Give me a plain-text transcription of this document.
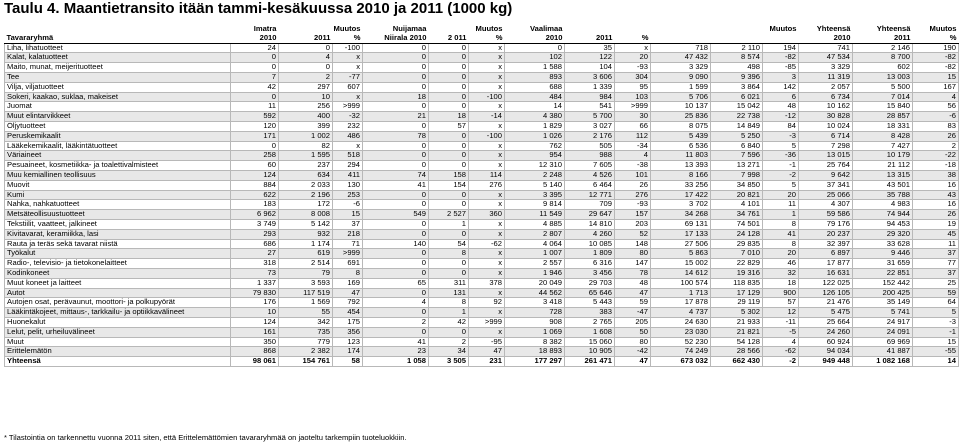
Taulu 4. Maantietransito itään tammi-kesäkuussa 2010 ja 2011 (1000 kg)
	Imatra	Muutos		Nuijamaa		Muutos	Vaalimaa		Muutos				Yhteensä	Yhteensä	Muutos
Tavararyhmä	2010	2011	%	Niirala 2010	2 011	%	2010	2011	%				2010	2011	%
Liha, lihatuotteet	24	0	-100	0	0	x	0	35	x	718	2 110	194	741	2 146	190
Kalat, kalatuotteet	0	4	x	0	0	x	102	122	20	47 432	8 574	-82	47 534	8 700	-82
Maito, munat, meijerituotteet	0	0	x	0	0	x	1 588	104	-93	3 329	498	-85	3 329	602	-82
Tee	7	2	-77	0	0	x	893	3 606	304	9 090	9 396	3	11 319	13 003	15
Vilja, viljatuotteet	42	297	607	0	0	x	688	1 339	95	1 599	3 864	142	2 057	5 500	167
Sokeri, kaakao, suklaa, makeiset	0	10	x	18	0	-100	484	984	103	5 706	6 021	6	6 734	7 014	4
Juomat	11	256	>999	0	0	x	14	541	>999	10 137	15 042	48	10 162	15 840	56
Muut elintarvikkeet	592	400	-32	21	18	-14	4 380	5 700	30	25 836	22 738	-12	30 828	28 857	-6
Öljytuotteet	120	399	232	0	57	x	1 829	3 027	66	8 075	14 849	84	10 024	18 331	83
Peruskemikaalit	171	1 002	486	78	0	-100	1 026	2 176	112	5 439	5 250	-3	6 714	8 428	26
Lääkekemikaalit, lääkintätuotteet	0	82	x	0	0	x	762	505	-34	6 536	6 840	5	7 298	7 427	2
Väriaineet	258	1 595	518	0	0	x	954	988	4	11 803	7 596	-36	13 015	10 179	-22
Pesuaineet, kosmetiikka- ja toalettivalmisteet	60	237	294	0	0	x	12 310	7 605	-38	13 393	13 271	-1	25 764	21 112	-18
Muu kemiallinen teollisuus	124	634	411	74	158	114	2 248	4 526	101	8 166	7 998	-2	9 642	13 315	38
Muovit	884	2 033	130	41	154	276	5 140	6 464	26	33 256	34 850	5	37 341	43 501	16
Kumi	622	2 196	253	0	0	x	3 395	12 771	276	17 422	20 821	20	25 066	35 788	43
Nahka, nahkatuotteet	183	172	-6	0	0	x	9 814	709	-93	3 702	4 101	11	4 307	4 983	16
Metsäteollisuustuotteet	6 962	8 008	15	549	2 527	360	11 549	29 647	157	34 268	34 761	1	59 586	74 944	26
Tekstiilit, vaatteet, jalkineet	3 749	5 142	37	0	1	x	4 885	14 810	203	69 131	74 501	8	79 176	94 453	19
Kivitavarat, keramiikka, lasi	293	932	218	0	0	x	2 807	4 260	52	17 133	24 128	41	20 237	29 320	45
Rauta ja teräs sekä tavarat niistä	686	1 174	71	140	54	-62	4 064	10 085	148	27 506	29 835	8	32 397	33 628	11
Työkalut	27	619	>999	0	8	x	1 007	1 809	80	5 863	7 010	20	6 897	9 446	37
Radio-, televisio- ja tietokonelaitteet	318	2 514	691	0	0	x	2 557	6 316	147	15 002	22 829	46	17 877	31 659	77
Kodinkoneet	73	79	8	0	0	x	1 946	3 456	78	14 612	19 316	32	16 631	22 851	37
Muut koneet ja laitteet	1 337	3 593	169	65	311	378	20 049	29 703	48	100 574	118 835	18	122 025	152 442	25
Autot	79 830	117 519	47	0	131	x	44 562	65 646	47	1 713	17 129	900	126 105	200 425	59
Autojen osat, perävaunut, moottori- ja polkupyörät	176	1 569	792	4	8	92	3 418	5 443	59	17 878	29 119	57	21 476	35 149	64
Lääkintäkojeet, mittaus-, tarkkailu- ja optiikkavälineet	10	55	454	0	1	x	728	383	-47	4 737	5 302	12	5 475	5 741	5
Huonekalut	124	342	175	2	42	>999	908	2 765	205	24 630	21 933	-11	25 664	24 917	-3
Lelut, pelit, urheiluvälineet	161	735	356	0	0	x	1 069	1 608	50	23 030	21 821	-5	24 260	24 091	-1
Muut	350	779	123	41	2	-95	8 382	15 060	80	52 230	54 128	4	60 924	69 969	15
Erittelemätön	868	2 382	174	23	34	47	18 893	10 905	-42	74 249	28 566	-62	94 034	41 887	-55
Yhteensä	98 061	154 761	58	1 058	3 505	231	177 297	261 471	47	673 032	662 430	-2	949 448	1 082 168	14
* Tilastointia on tarkennettu vuonna 2011 siten, että Erittelemättömien tavararyhmää on jaoteltu tarkempiin tuoteluokkiin.
